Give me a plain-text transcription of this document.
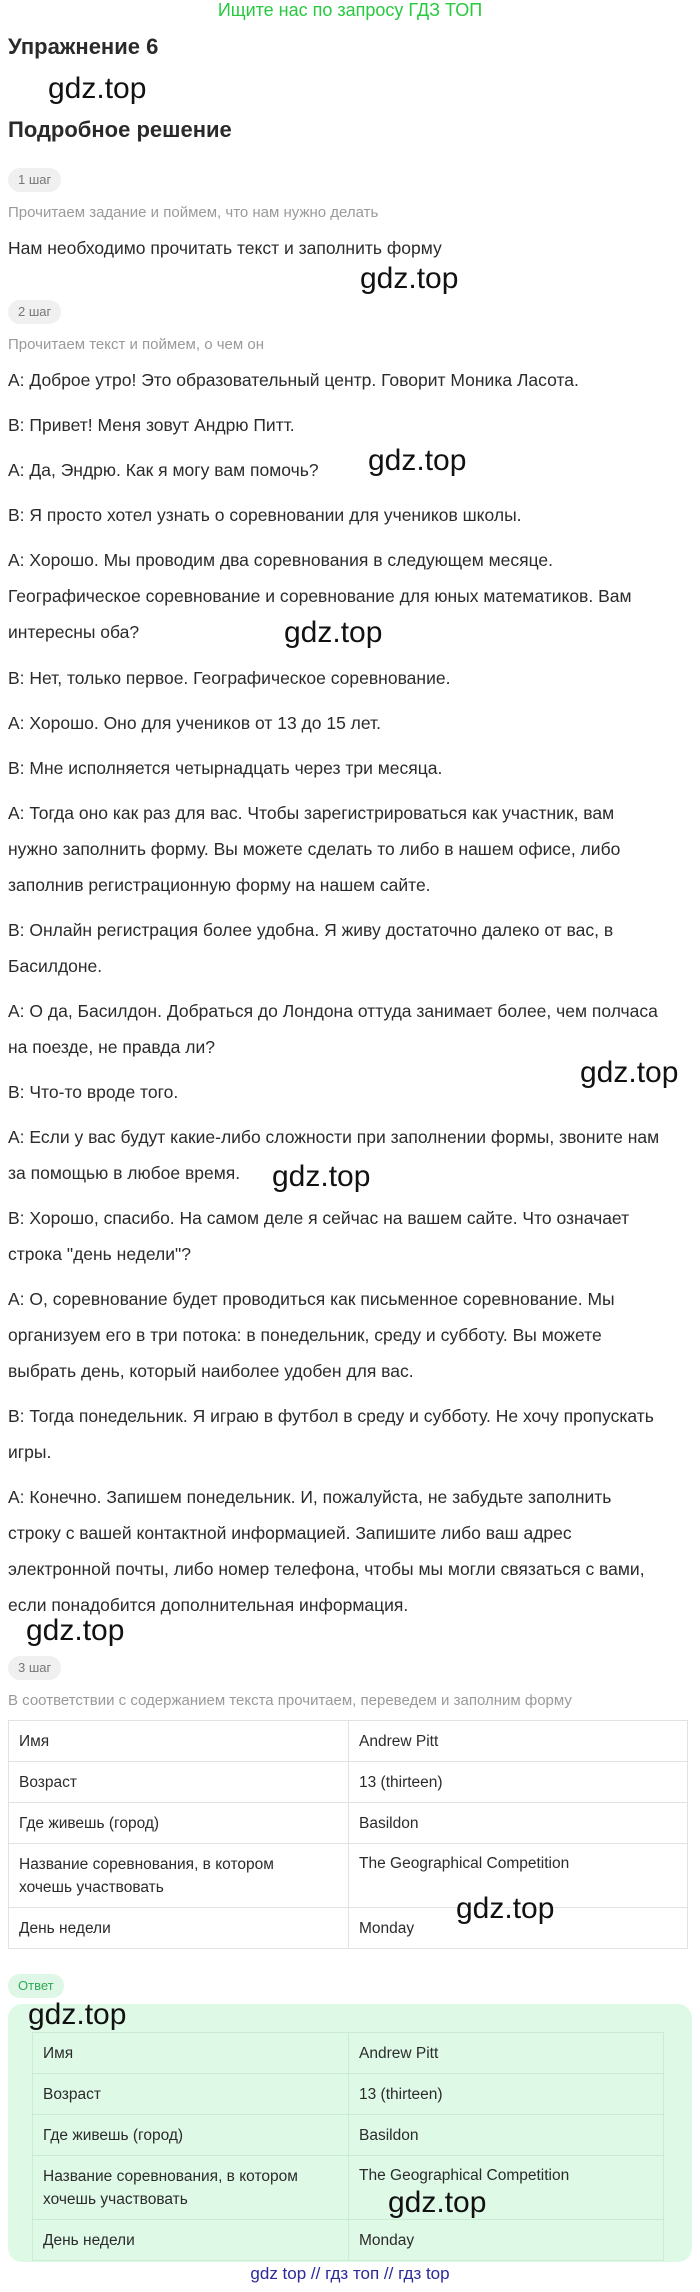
Ищите нас по запросу ГДЗ ТОП
Упражнение 6
gdz.top
Подробное решение
1 шаг
Прочитаем задание и поймем, что нам нужно делать
Нам необходимо прочитать текст и заполнить форму
gdz.top
2 шаг
Прочитаем текст и поймем, о чем он
A: Доброе утро! Это образовательный центр. Говорит Моника Ласота.
B: Привет! Меня зовут Андрю Питт.
A: Да, Эндрю. Как я могу вам помочь? gdz.top
B: Я просто хотел узнать о соревновании для учеников школы.
A: Хорошо. Мы проводим два соревнования в следующем месяце.
Географическое соревнование и соревнование для юных математиков. Вам
интересны оба?	gdz.top
B: Нет, только первое. Географическое соревнование.
A: Хорошо. Оно для учеников от 13 до 15 лет.
B: Мне исполняется четырнадцать через три месяца.
A: Тогда оно как раз для вас. Чтобы зарегистрироваться как участник, вам
нужно заполнить форму. Вы можете сделать то либо в нашем офисе, либо
заполнив регистрационную форму на нашем сайте.
B: Онлайн регистрация более удобна. Я живу достаточно далеко от вас, в
Басилдоне.
A: О да, Басилдон. Добраться до Лондона оттуда занимает более, чем полчаса
на поезде, не правда ли?
gdz.top
B: Что-то вроде того.
A: Если у вас будут какие-либо сложности при заполнении формы, звоните нам
за помощью в любое время. gdz.top
B: Хорошо, спасибо. На самом деле я сейчас на вашем сайте. Что означает
строка "день недели"?
A: О, соревнование будет проводиться как письменное соревнование. Мы
организуем его в три потока: в понедельник, среду и субботу. Вы можете
выбрать день, который наиболее удобен для вас.
B: Тогда понедельник. Я играю в футбол в среду и субботу. Не хочу пропускать
игры.
A: Конечно. Запишем понедельник. И, пожалуйста, не забудьте заполнить
строку с вашей контактной информацией. Запишите либо ваш адрес
электронной почты, либо номер телефона, чтобы мы могли связаться с вами,
если понадобится дополнительная информация.
gdz.top
3 шаг
В соответствии с содержанием текста прочитаем, переведем и заполним форму
Имя	Andrew Pitt
Возраст	13 (thirteen)
Где живешь (город)	Basildon

Название соревнования, в котором
хочешь участвовать	The Geographical Competition
День недели	Monday
gdz.top
Ответ
gdz.top
Имя	Andrew Pitt
Возраст	13 (thirteen)
Где живешь (город)	Basildon

Название соревнования, в котором
хочешь участвовать	The Geographical Competition
День недели	Monday
gdz.top
gdz top // гдз топ // гдз top
